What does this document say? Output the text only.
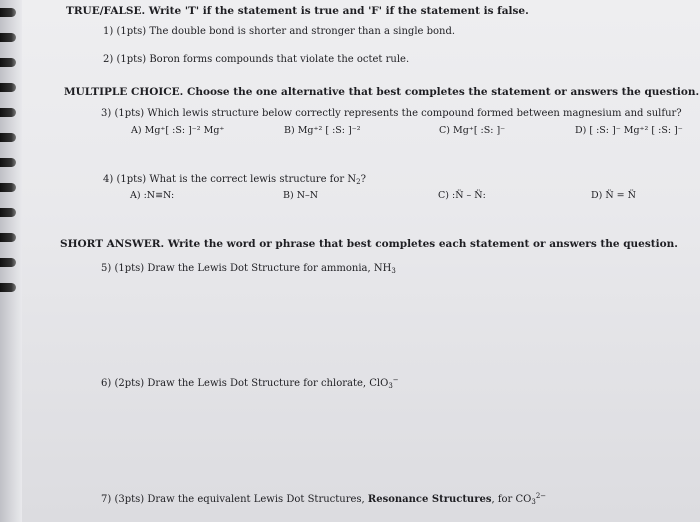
TRUE/FALSE. Write 'T' if the statement is true and 'F' if the statement is false.
1) (1pts) The double bond is shorter and stronger than a single bond.
2) (1pts) Boron forms compounds that violate the octet rule.
MULTIPLE CHOICE. Choose the one alternative that best completes the statement or answers the question.
3) (1pts) Which lewis structure below correctly represents the compound formed between magnesium and sulfur?
A) Mg⁺[ :S: ]⁻² Mg⁺	B) Mg⁺² [ :S: ]⁻²	C) Mg⁺[ :S: ]⁻	D) [ :S: ]⁻ Mg⁺² [ :S: ]⁻
4) (1pts) What is the correct lewis structure for $N_2$?
A) :N≡N:	B) N–N	C) :N̈ – N̈:	D) N̈ = N̈
SHORT ANSWER. Write the word or phrase that best completes each statement or answers the question.
5) (1pts) Draw the Lewis Dot Structure for ammonia, $NH_3$
6) (2pts) Draw the Lewis Dot Structure for chlorate, ClO$_3$−
7) (3pts) Draw the equivalent Lewis Dot Structures, Resonance Structures, for $CO_3^{2-}$
